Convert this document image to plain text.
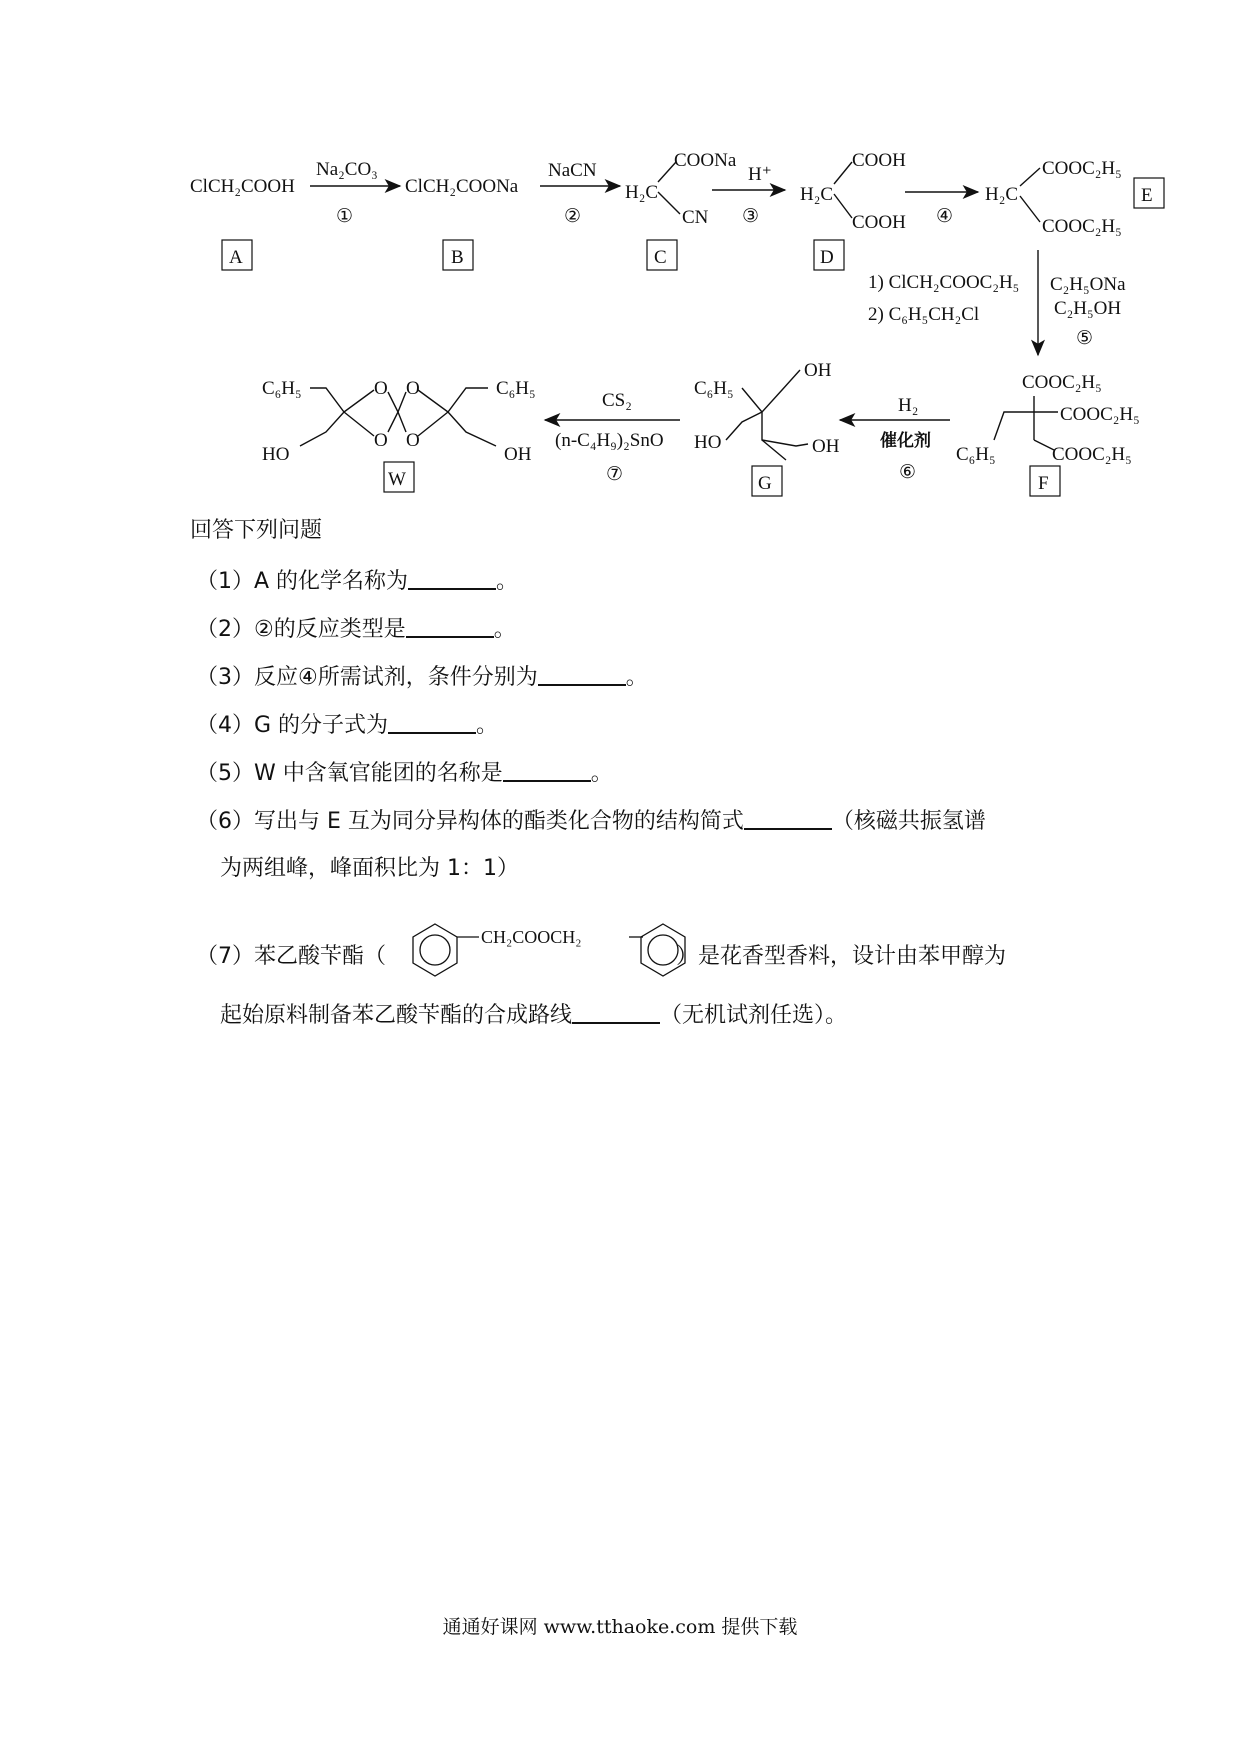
ClCH₂COOH
A
Na₂CO₃
①
ClCH₂COONa
B
NaCN
②
COONa
H₂C
CN
C
H⁺
③
COOH
H₂C
COOH
D
④
COOC₂H₅
H₂C
COOC₂H₅
E
1) ClCH₂COOC₂H₅
2) C₆H₅CH₂Cl
C₂H₅ONa
C₂H₅OH
⑤
COOC₂H₅
COOC₂H₅
COOC₂H₅
C₆H₅
F
H₂
催化剂
⑥
C₆H₅
OH
HO	OH
G
CS₂
(n-C₄H₉)₂SnO
⑦
C₆H₅	C₆H₅
HO	OH
O O
O O
W
回答下列问题
（1）A 的化学名称为	。
（2）②的反应类型是	。
（3）反应④所需试剂，条件分别为	。
（4）G 的分子式为	。
（5）W 中含氧官能团的名称是	。
（6）写出与 E 互为同分异构体的酯类化合物的结构简式	（核磁共振氢谱
为两组峰，峰面积比为 1：1）
（7）苯乙酸苄酯（	）是花香型香料，设计由苯甲醇为
CH₂COOCH₂
起始原料制备苯乙酸苄酯的合成路线	（无机试剂任选）。
通通好课网 www.tthaoke.com 提供下载
